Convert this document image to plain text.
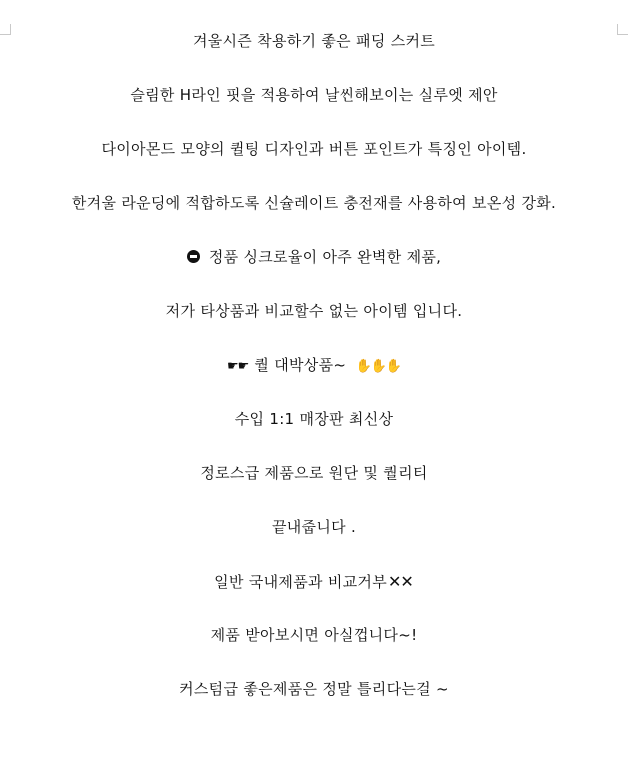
겨울시즌 착용하기 좋은 패딩 스커트
슬림한 H라인 핏을 적용하여 날씬해보이는 실루엣 제안
다이아몬드 모양의 퀼팅 디자인과 버튼 포인트가 특징인 아이템.
한겨울 라운딩에 적합하도록 신슐레이트 충전재를 사용하여 보온성 강화.
정품 싱크로율이 아주 완벽한 제품,
저가 타상품과 비교할수 없는 아이템 입니다.
☛☛ 퀄 대박상품~  ✋✋✋
수입 1:1 매장판 최신상
정로스급 제품으로 원단 및 퀄리티
끝내줍니다 .
일반 국내제품과 비교거부✕✕
제품 받아보시면 아실껍니다~!
커스텀급 좋은제품은 정말 틀리다는걸 ~
